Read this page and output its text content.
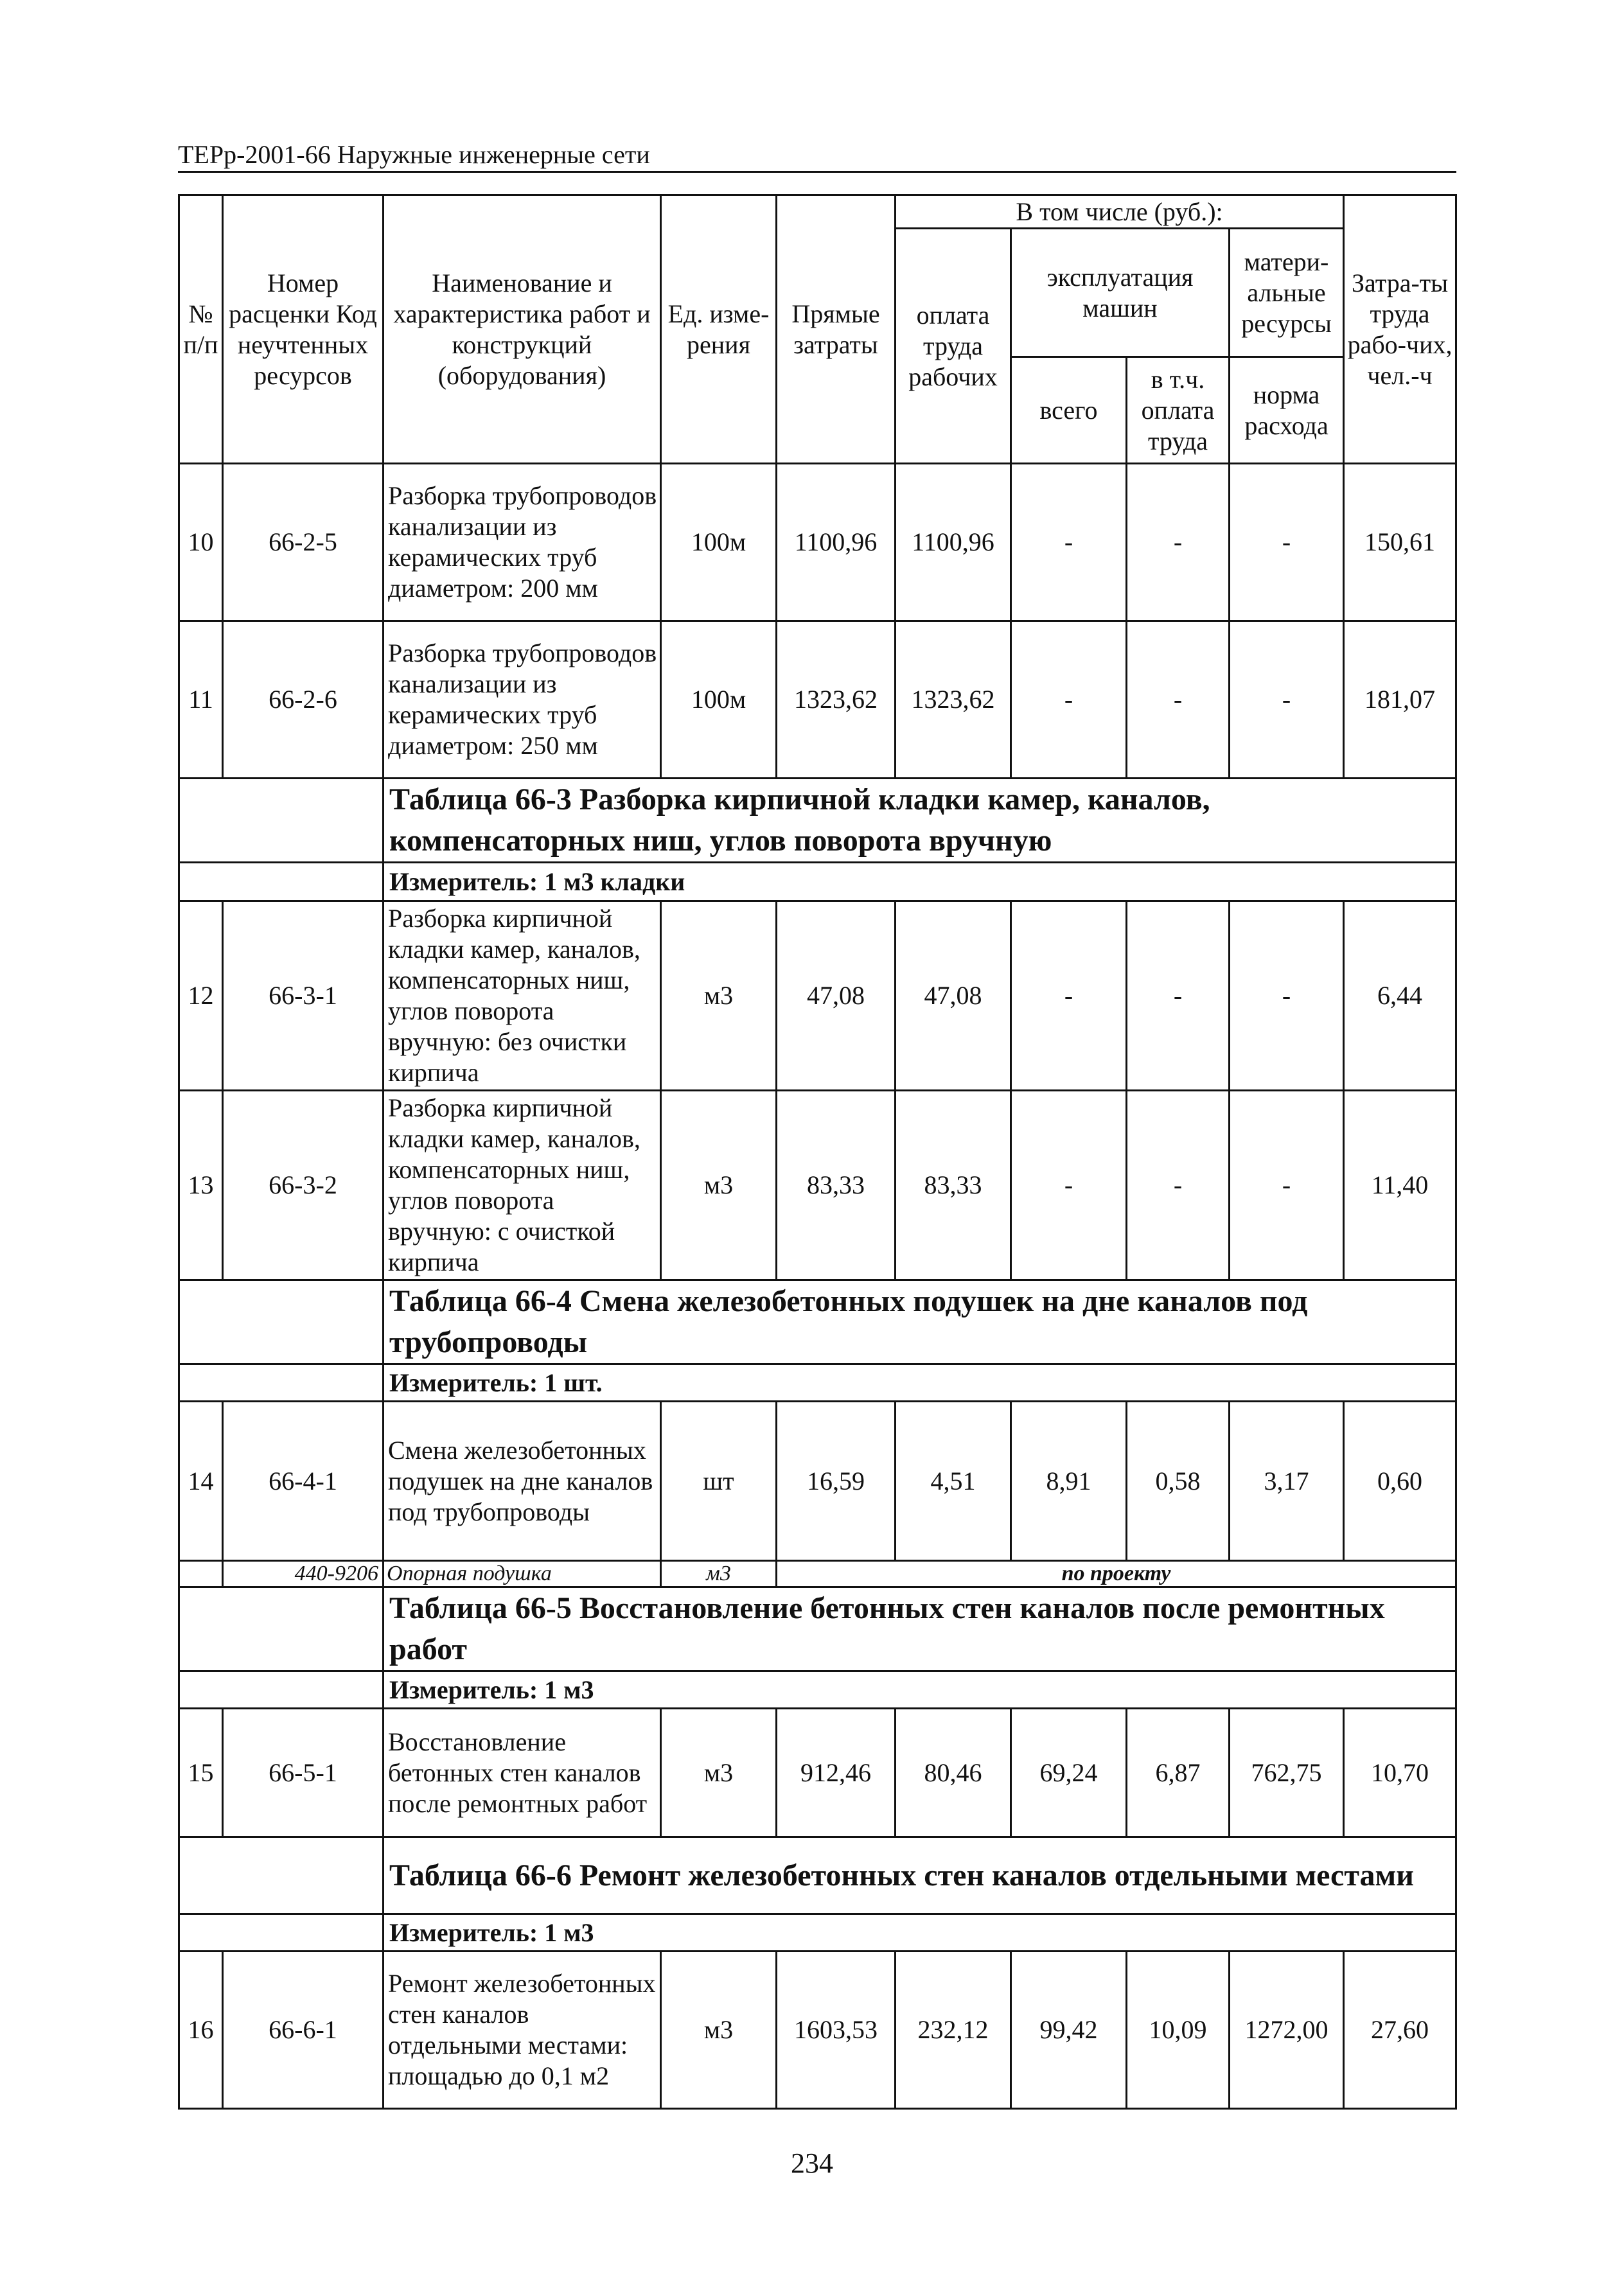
ТЕРр-2001-66 Наружные инженерные сети
№ п/п	Номер расценки Код неучтенных ресурсов	Наименование и характеристика работ и конструкций (оборудования)	Ед. изме-рения	Прямые затраты	В том числе (руб.):				Затра-ты труда рабо-чих, чел.-ч
					оплата труда рабочих	эксплуатация машин		матери-альные ресурсы	
						всего	в т.ч. оплата труда	норма расхода	
10	66-2-5	Разборка трубопроводов канализации из керамических труб диаметром: 200 мм	100м	1100,96	1100,96	-	-	-	150,61
11	66-2-6	Разборка трубопроводов канализации из керамических труб диаметром: 250 мм	100м	1323,62	1323,62	-	-	-	181,07
		Таблица 66-3 Разборка кирпичной кладки камер, каналов, компенсаторных ниш, углов поворота вручную							
		Измеритель: 1 м3 кладки							
12	66-3-1	Разборка кирпичной кладки камер, каналов, компенсаторных ниш, углов поворота вручную: без очистки кирпича	м3	47,08	47,08	-	-	-	6,44
13	66-3-2	Разборка кирпичной кладки камер, каналов, компенсаторных ниш, углов поворота вручную: с очисткой кирпича	м3	83,33	83,33	-	-	-	11,40
		Таблица 66-4 Смена железобетонных подушек на дне каналов под трубопроводы							
		Измеритель: 1 шт.							
14	66-4-1	Смена железобетонных подушек на дне каналов под трубопроводы	шт	16,59	4,51	8,91	0,58	3,17	0,60
	440-9206	Опорная подушка	м3	по проекту					
		Таблица 66-5 Восстановление бетонных стен каналов после ремонтных работ							
		Измеритель: 1 м3							
15	66-5-1	Восстановление бетонных стен каналов после ремонтных работ	м3	912,46	80,46	69,24	6,87	762,75	10,70
		Таблица 66-6 Ремонт железобетонных стен каналов отдельными местами							
		Измеритель: 1 м3							
16	66-6-1	Ремонт железобетонных стен каналов отдельными местами: площадью до 0,1 м2	м3	1603,53	232,12	99,42	10,09	1272,00	27,60
234
